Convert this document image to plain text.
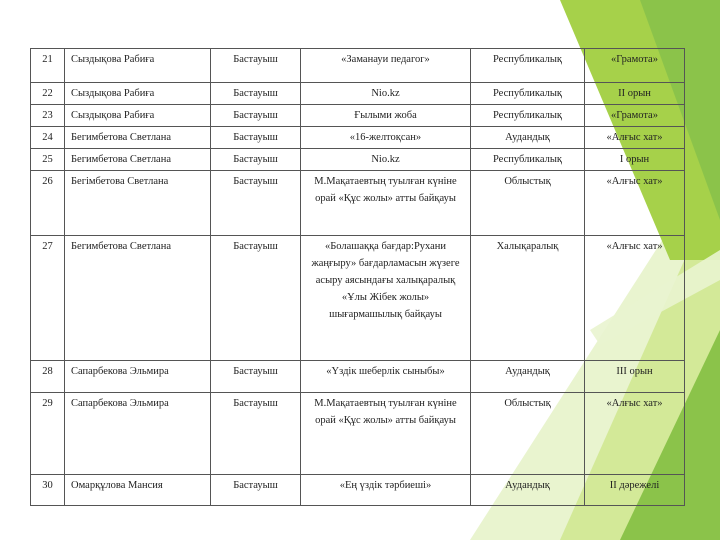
21	Сыздықова Рабиға	Бастауыш	«Заманауи педагог»	Республикалық	«Грамота»
22	Сыздықова Рабиға	Бастауыш	Nio.kz	Республикалық	ІІ орын
23	Сыздықова Рабиға	Бастауыш	Ғылыми жоба	Республикалық	«Грамота»
24	Бегимбетова Светлана	Бастауыш	«16-желтоқсан»	Аудандық	«Алғыс хат»
25	Бегимбетова Светлана	Бастауыш	Nio.kz	Республикалық	І орын
26	Бегімбетова Светлана	Бастауыш	М.Мақатаевтың туылған күніне орай «Құс жолы» атты байқауы	Облыстық	«Алғыс хат»
27	Бегимбетова Светлана	Бастауыш	«Болашаққа бағдар:Рухани жаңғыру» бағдарламасын жүзеге асыру аясындағы халықаралық «Ұлы Жібек жолы» шығармашылық байқауы	Халықаралық	«Алғыс хат»
28	Сапарбекова Эльмира	Бастауыш	«Үздік шеберлік сыныбы»	Аудандық	ІІІ орын
29	Сапарбекова Эльмира	Бастауыш	М.Мақатаевтың туылған күніне орай «Құс жолы» атты байқауы	Облыстық	«Алғыс хат»
30	Омарқұлова Мансия	Бастауыш	«Ең үздік тәрбиеші»	Аудандық	ІІ дәрежелі
